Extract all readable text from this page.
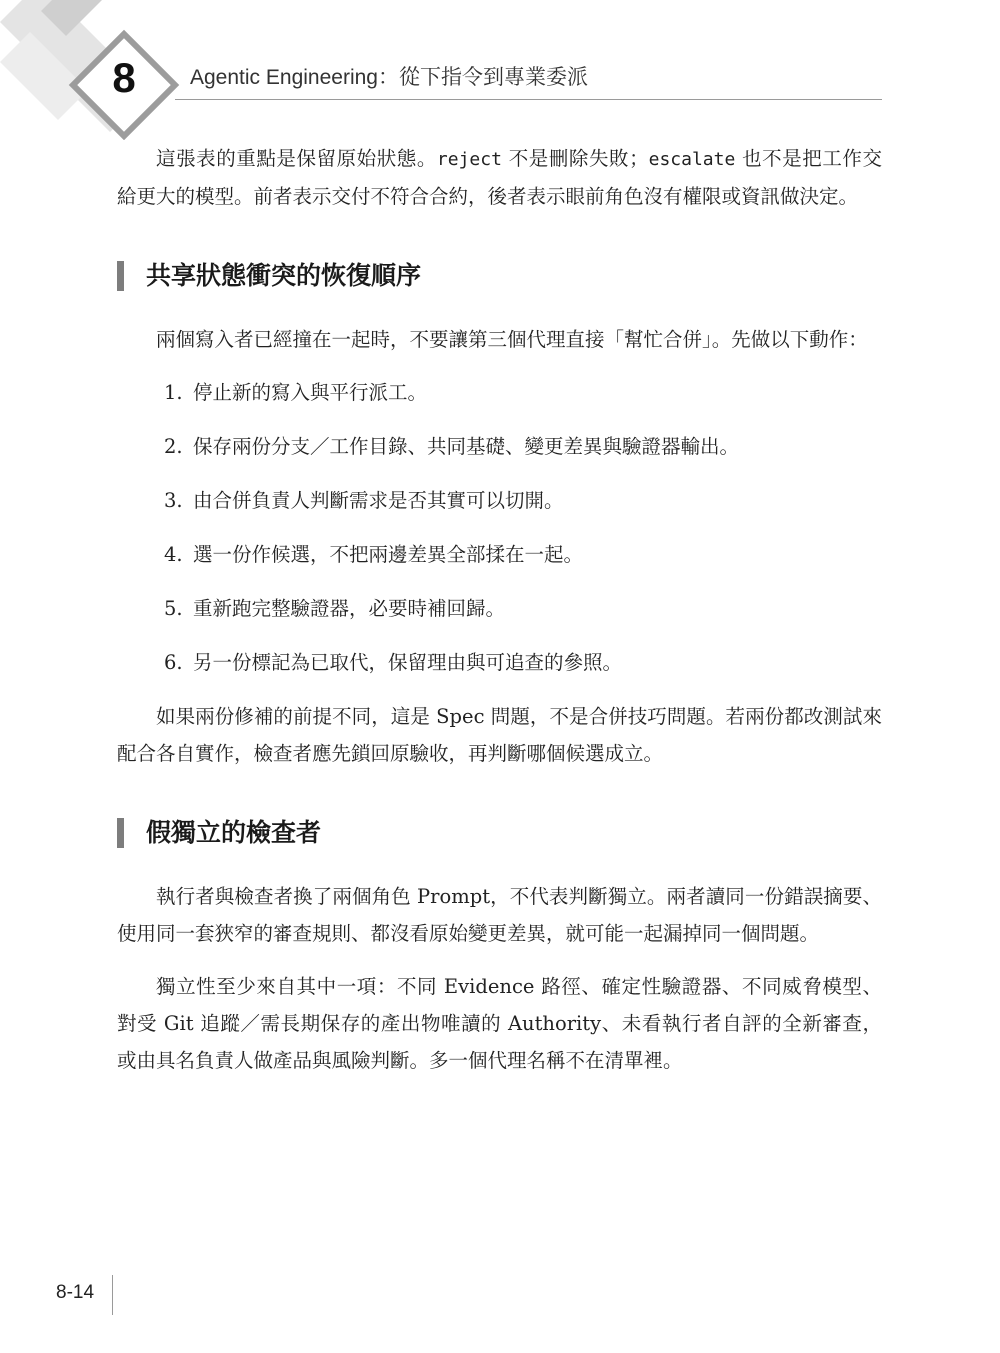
8	Agentic Engineering：從下指令到專業委派

這張表的重點是保留原始狀態。reject 不是刪除失敗；escalate 也不是把工作交給更大的模型。前者表示交付不符合合約，後者表示眼前角色沒有權限或資訊做決定。

共享狀態衝突的恢復順序

兩個寫入者已經撞在一起時，不要讓第三個代理直接「幫忙合併」。先做以下動作：

1. 停止新的寫入與平行派工。
2. 保存兩份分支／工作目錄、共同基礎、變更差異與驗證器輸出。
3. 由合併負責人判斷需求是否其實可以切開。
4. 選一份作候選，不把兩邊差異全部揉在一起。
5. 重新跑完整驗證器，必要時補回歸。
6. 另一份標記為已取代，保留理由與可追查的參照。

如果兩份修補的前提不同，這是 Spec 問題，不是合併技巧問題。若兩份都改測試來配合各自實作，檢查者應先鎖回原驗收，再判斷哪個候選成立。

假獨立的檢查者

執行者與檢查者換了兩個角色 Prompt，不代表判斷獨立。兩者讀同一份錯誤摘要、使用同一套狹窄的審查規則、都沒看原始變更差異，就可能一起漏掉同一個問題。

獨立性至少來自其中一項：不同 Evidence 路徑、確定性驗證器、不同威脅模型、對受 Git 追蹤／需長期保存的產出物唯讀的 Authority、未看執行者自評的全新審查，或由具名負責人做產品與風險判斷。多一個代理名稱不在清單裡。

8-14
